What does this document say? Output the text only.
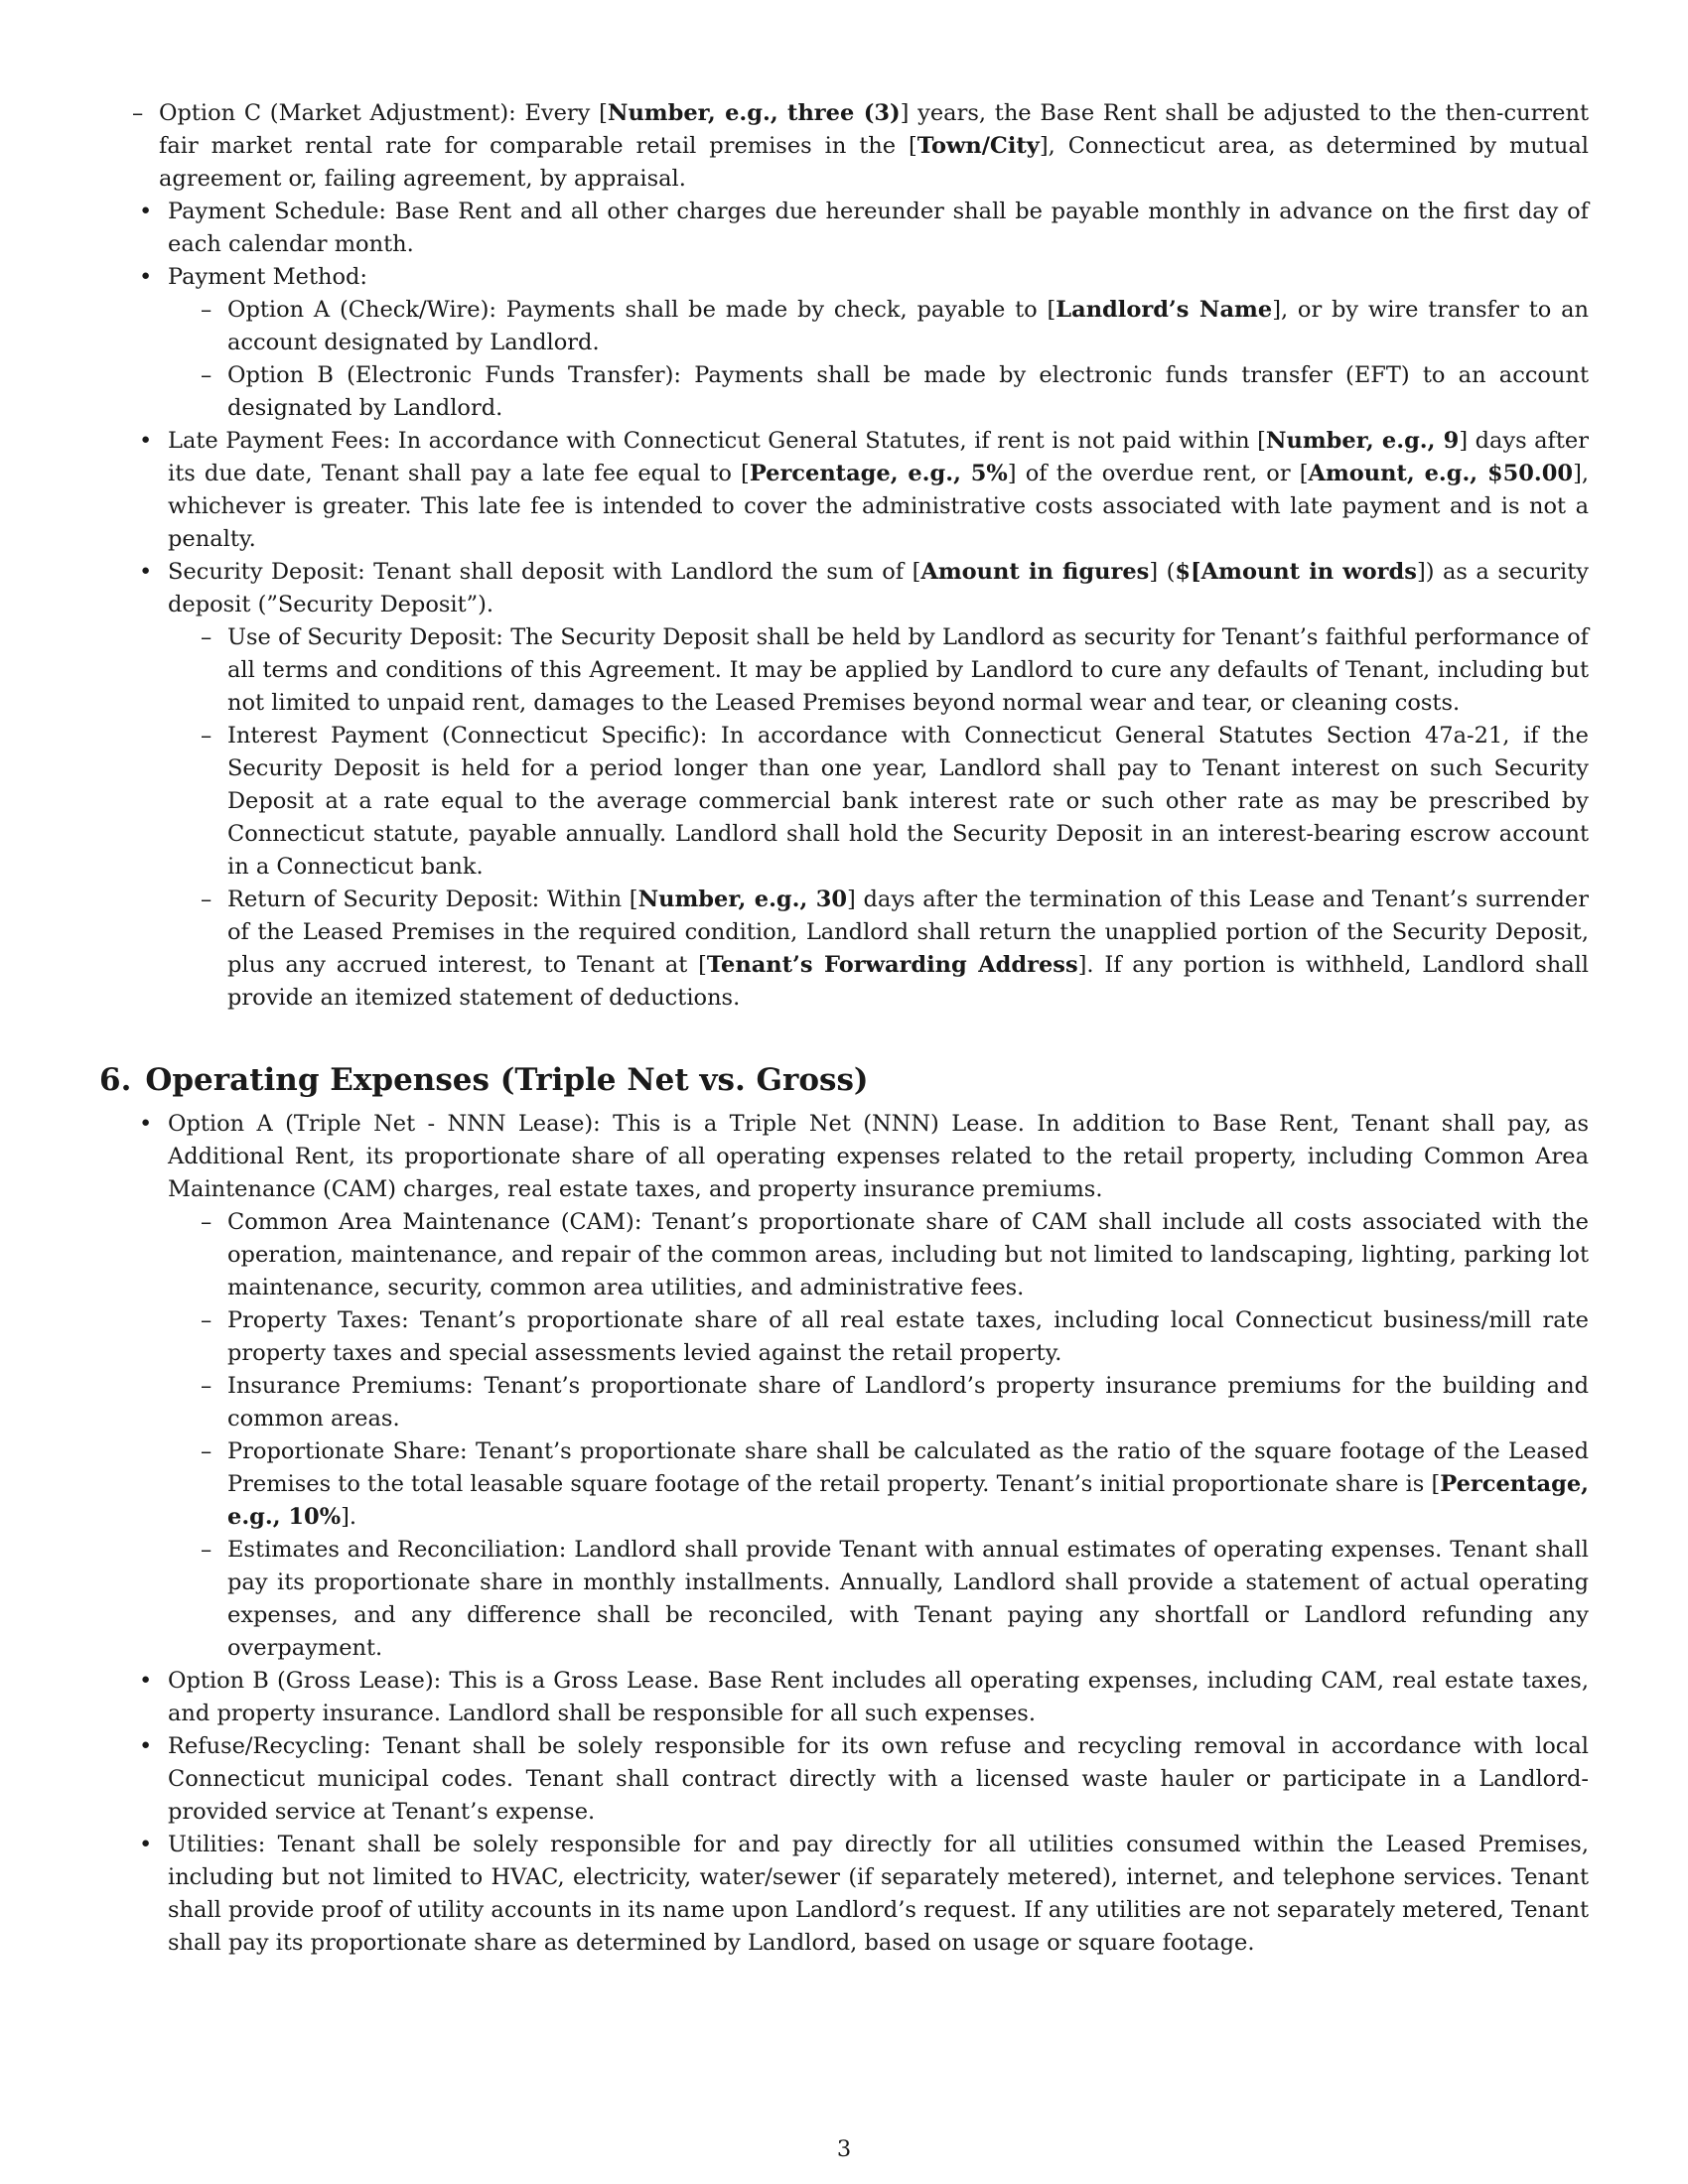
– Option C (Market Adjustment): Every [Number, e.g., three (3)] years, the Base Rent shall be adjusted to the then-current fair market rental rate for comparable retail premises in the [Town/City], Connecticut area, as determined by mutual agreement or, failing agreement, by appraisal.
• Payment Schedule: Base Rent and all other charges due hereunder shall be payable monthly in advance on the first day of each calendar month.
• Payment Method:
– Option A (Check/Wire): Payments shall be made by check, payable to [Landlord’s Name], or by wire transfer to an account designated by Landlord.
– Option B (Electronic Funds Transfer): Payments shall be made by electronic funds transfer (EFT) to an account designated by Landlord.
• Late Payment Fees: In accordance with Connecticut General Statutes, if rent is not paid within [Number, e.g., 9] days after its due date, Tenant shall pay a late fee equal to [Percentage, e.g., 5%] of the overdue rent, or [Amount, e.g., $50.00], whichever is greater. This late fee is intended to cover the administrative costs associated with late payment and is not a penalty.
• Security Deposit: Tenant shall deposit with Landlord the sum of [Amount in figures] ($[Amount in words]) as a security deposit (”Security Deposit”).
– Use of Security Deposit: The Security Deposit shall be held by Landlord as security for Tenant’s faithful performance of all terms and conditions of this Agreement. It may be applied by Landlord to cure any defaults of Tenant, including but not limited to unpaid rent, damages to the Leased Premises beyond normal wear and tear, or cleaning costs.
– Interest Payment (Connecticut Specific): In accordance with Connecticut General Statutes Section 47a-21, if the Security Deposit is held for a period longer than one year, Landlord shall pay to Tenant interest on such Security Deposit at a rate equal to the average commercial bank interest rate or such other rate as may be prescribed by Connecticut statute, payable annually. Landlord shall hold the Security Deposit in an interest-bearing escrow account in a Connecticut bank.
– Return of Security Deposit: Within [Number, e.g., 30] days after the termination of this Lease and Tenant’s surrender of the Leased Premises in the required condition, Landlord shall return the unapplied portion of the Security Deposit, plus any accrued interest, to Tenant at [Tenant’s Forwarding Address]. If any portion is withheld, Landlord shall provide an itemized statement of deductions.
6. Operating Expenses (Triple Net vs. Gross)
• Option A (Triple Net - NNN Lease): This is a Triple Net (NNN) Lease. In addition to Base Rent, Tenant shall pay, as Additional Rent, its proportionate share of all operating expenses related to the retail property, including Common Area Maintenance (CAM) charges, real estate taxes, and property insurance premiums.
– Common Area Maintenance (CAM): Tenant’s proportionate share of CAM shall include all costs associated with the operation, maintenance, and repair of the common areas, including but not limited to landscaping, lighting, parking lot maintenance, security, common area utilities, and administrative fees.
– Property Taxes: Tenant’s proportionate share of all real estate taxes, including local Connecticut business/mill rate property taxes and special assessments levied against the retail property.
– Insurance Premiums: Tenant’s proportionate share of Landlord’s property insurance premiums for the building and common areas.
– Proportionate Share: Tenant’s proportionate share shall be calculated as the ratio of the square footage of the Leased Premises to the total leasable square footage of the retail property. Tenant’s initial proportionate share is [Percentage, e.g., 10%].
– Estimates and Reconciliation: Landlord shall provide Tenant with annual estimates of operating expenses. Tenant shall pay its proportionate share in monthly installments. Annually, Landlord shall provide a statement of actual operating expenses, and any difference shall be reconciled, with Tenant paying any shortfall or Landlord refunding any overpayment.
• Option B (Gross Lease): This is a Gross Lease. Base Rent includes all operating expenses, including CAM, real estate taxes, and property insurance. Landlord shall be responsible for all such expenses.
• Refuse/Recycling: Tenant shall be solely responsible for its own refuse and recycling removal in accordance with local Connecticut municipal codes. Tenant shall contract directly with a licensed waste hauler or participate in a Landlord-provided service at Tenant’s expense.
• Utilities: Tenant shall be solely responsible for and pay directly for all utilities consumed within the Leased Premises, including but not limited to HVAC, electricity, water/sewer (if separately metered), internet, and telephone services. Tenant shall provide proof of utility accounts in its name upon Landlord’s request. If any utilities are not separately metered, Tenant shall pay its proportionate share as determined by Landlord, based on usage or square footage.
3
